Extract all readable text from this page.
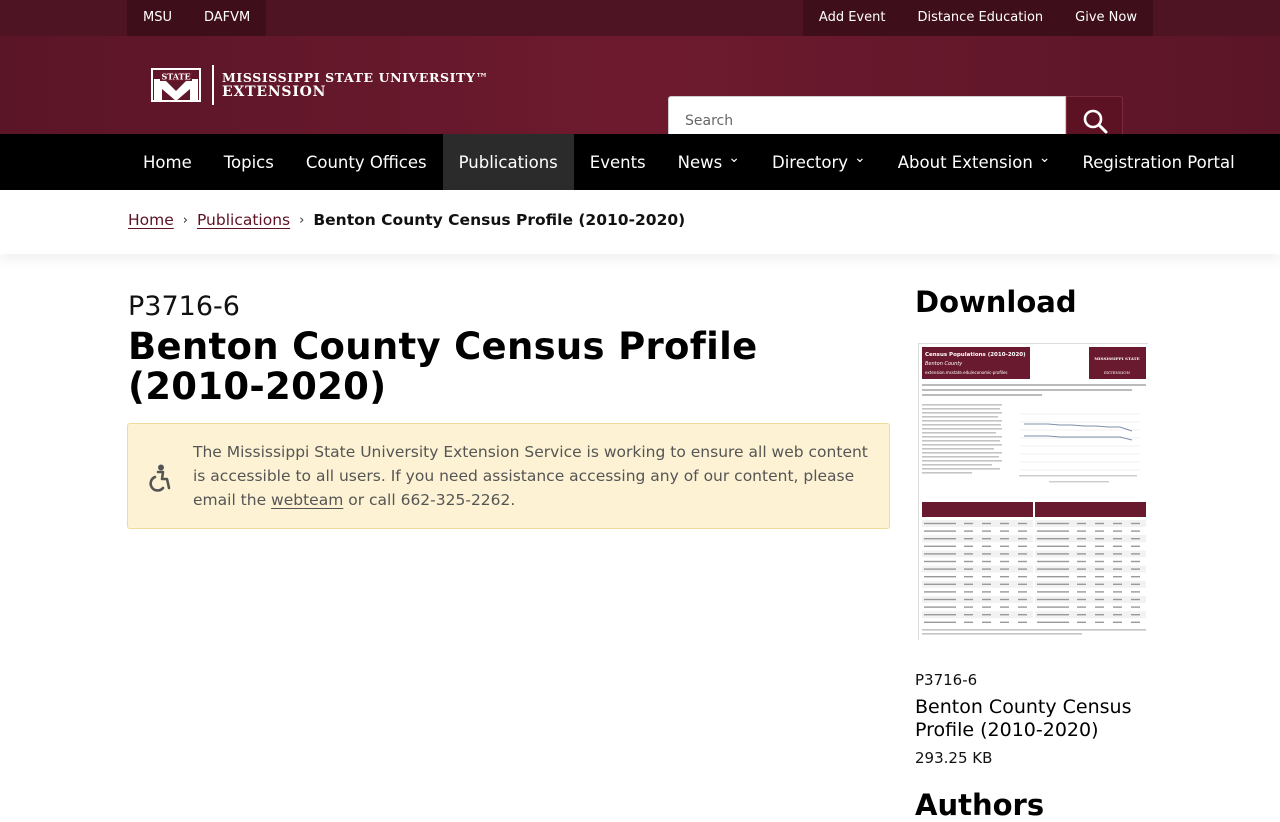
MSU	DAFVM	Add Event	Distance Education	Give Now
STATE	MISSISSIPPI STATE UNIVERSITY™
EXTENSION
Search
Home Topics County Offices Publications Events News ⌄ Directory ⌄ About Extension ⌄ Registration Portal
Home › Publications › Benton County Census Profile (2010-2020)
P3716-6
Benton County Census Profile (2010-2020)
The Mississippi State University Extension Service is working to ensure all web content is accessible to all users. If you need assistance accessing any of our content, please email the webteam or call 662-325-2262.
Download
Census Populations (2010-2020)
Benton County
extension.msstate.edu/economic-profiles
MISSISSIPPI STATE
EXTENSION
P3716-6
Benton County Census Profile (2010-2020)
293.25 KB
Authors
